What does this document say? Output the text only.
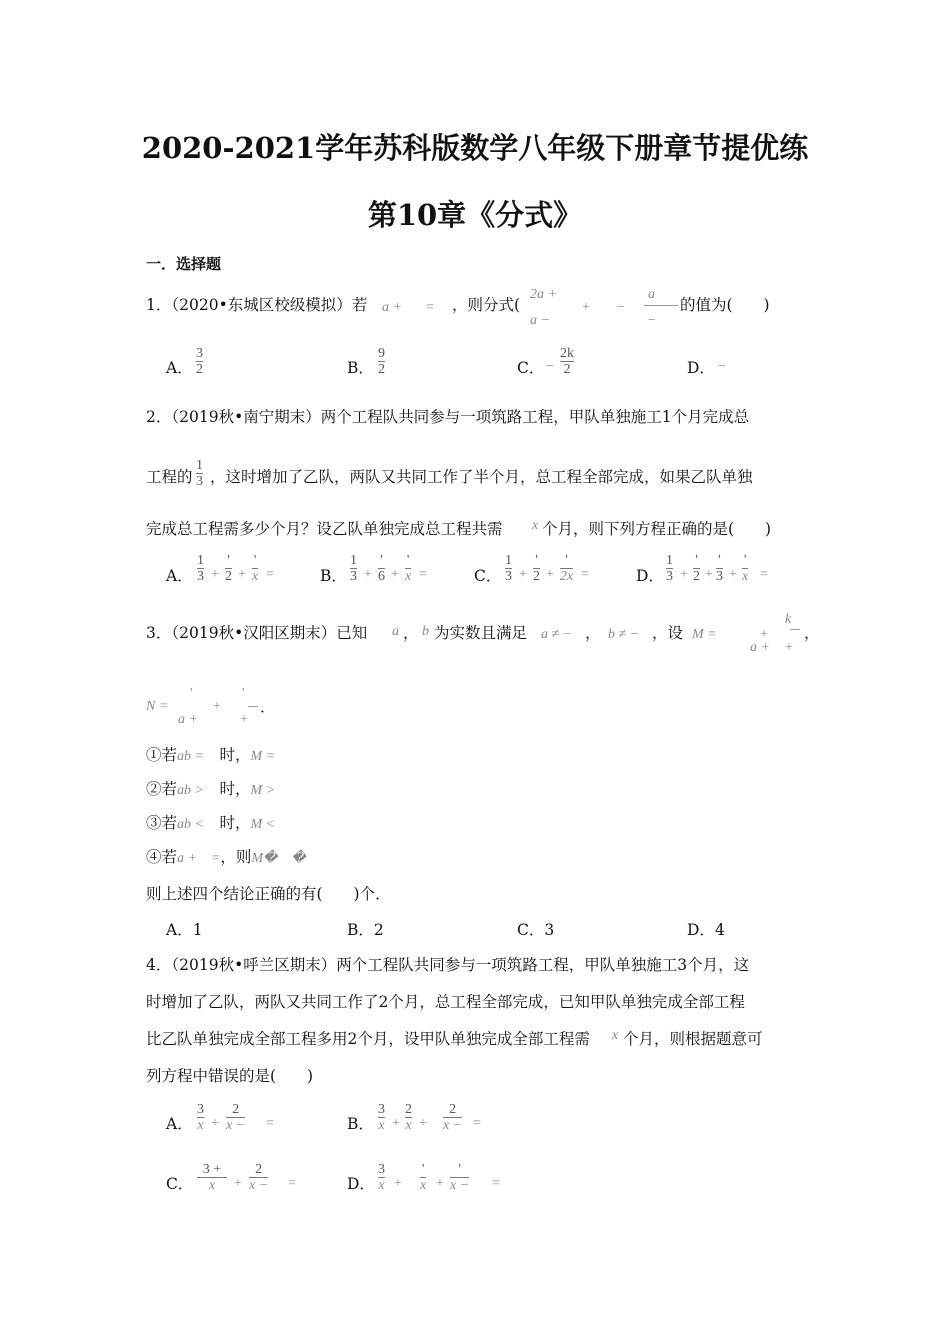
2020-2021学年苏科版数学八年级下册章节提优练
第10章《分式》
一．选择题
1．（2020•东城区校级模拟）若 a + = ，则分式(
2a +
a −
+ −
a
−
的值为(　　)
A． $\frac{3}{2}$	B． $\frac{9}{2}$	C． − $\frac{2k}{2}$	D． −
2．（2019秋•南宁期末）两个工程队共同参与一项筑路工程，甲队单独施工1个月完成总
工程的 $\frac{1}{3}$ ，这时增加了乙队，两队又共同工作了半个月，总工程全部完成，如果乙队单独
完成总工程需多少个月？设乙队单独完成总工程共需 x 个月，则下列方程正确的是(　　)
A． $\frac{1}{3}$ +
'
2 +
'
x =	B． $\frac{1}{3}$ +
'
6 +
'
x =	C． $\frac{1}{3}$ +
'
2 +
'
2x =	D． $\frac{1}{3}$ +
'
2 +
'
3 +
'
x =
3．（2019秋•汉阳区期末）已知 a ， b 为实数且满足 a ≠ − ， b ≠ − ，设 M =
a +
+
k
+
，
N =
'
a +
+
'
+
．
①若ab =　 时，M =
②若ab >　 时，M >
③若ab <　 时，M <
④若a +　=，则M�　�
则上述四个结论正确的有(　　)个．
A．1	B．2	C．3	D．4
4．（2019秋•呼兰区期末）两个工程队共同参与一项筑路工程，甲队单独施工3个月，这
时增加了乙队，两队又共同工作了2个月，总工程全部完成，已知甲队单独完成全部工程
比乙队单独完成全部工程多用2个月，设甲队单独完成全部工程需 x 个月，则根据题意可
列方程中错误的是(　　)
A． $\frac{3}{x} + \frac{2}{x -}$ =	B． $\frac{3}{x} + \frac{2}{x} + \frac{2}{x -}$ =
C． $\frac{3 +}{x} + \frac{2}{x -}$ =	D． $\frac{3}{x}$ +
'
x +
'
x − =
